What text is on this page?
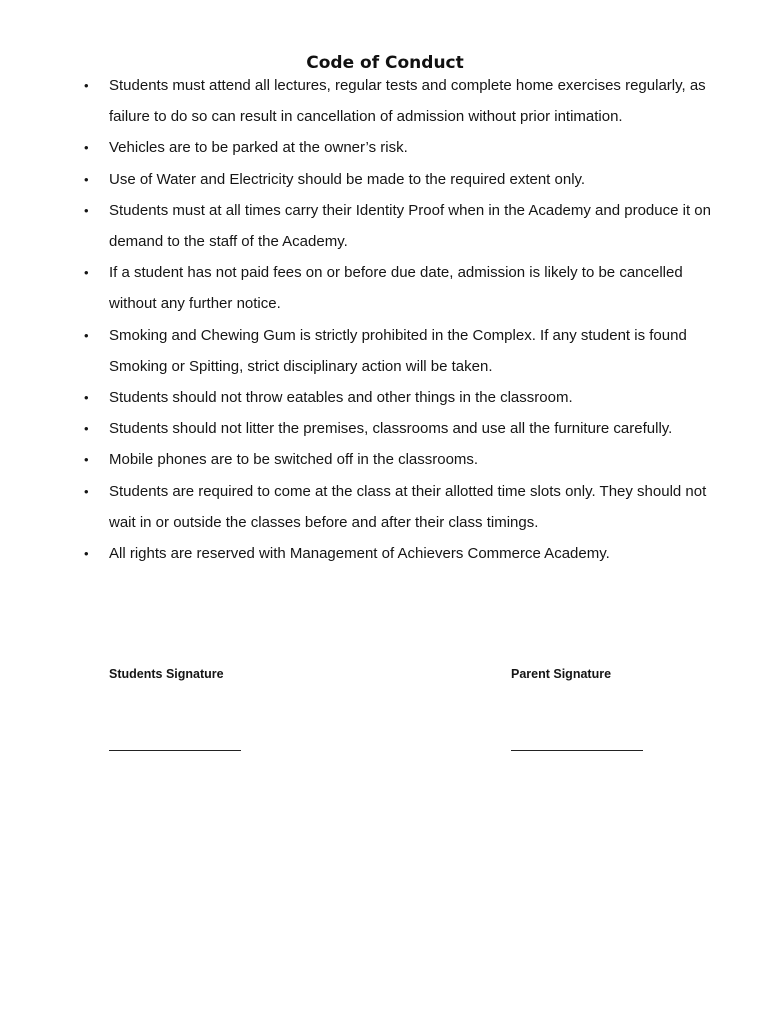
Code of Conduct
• Students must attend all lectures, regular tests and complete home exercises regularly, as failure to do so can result in cancellation of admission without prior intimation.
• Vehicles are to be parked at the owner’s risk.
• Use of Water and Electricity should be made to the required extent only.
• Students must at all times carry their Identity Proof when in the Academy and produce it on demand to the staff of the Academy.
• If a student has not paid fees on or before due date, admission is likely to be cancelled without any further notice.
• Smoking and Chewing Gum is strictly prohibited in the Complex. If any student is found Smoking or Spitting, strict disciplinary action will be taken.
• Students should not throw eatables and other things in the classroom.
• Students should not litter the premises, classrooms and use all the furniture carefully.
• Mobile phones are to be switched off in the classrooms.
• Students are required to come at the class at their allotted time slots only. They should not wait in or outside the classes before and after their class timings.
• All rights are reserved with Management of Achievers Commerce Academy.
Students Signature	Parent Signature
